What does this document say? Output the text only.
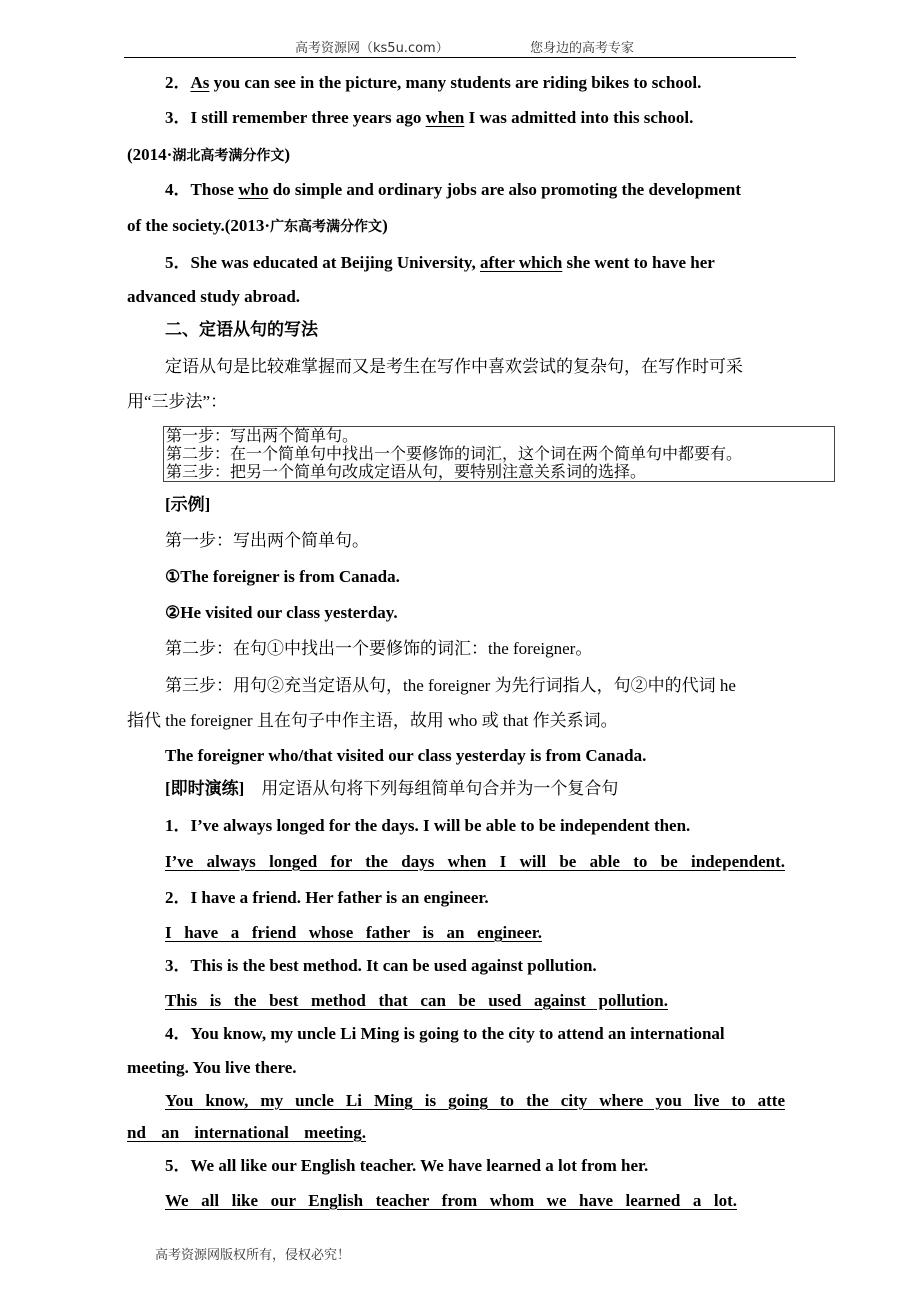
高考资源网（ks5u.com）	您身边的高考专家
2．As you can see in the picture, many students are riding bikes to school.
3．I still remember three years ago when I was admitted into this school.
(2014·湖北高考满分作文)
4．Those who do simple and ordinary jobs are also promoting the development
of the society.(2013·广东高考满分作文)
5．She was educated at Beijing University, after which she went to have her
advanced study abroad.
二、定语从句的写法
定语从句是比较难掌握而又是考生在写作中喜欢尝试的复杂句，在写作时可采
用“三步法”：
第一步：写出两个简单句。
第二步：在一个简单句中找出一个要修饰的词汇，这个词在两个简单句中都要有。
第三步：把另一个简单句改成定语从句，要特别注意关系词的选择。
[示例]
第一步：写出两个简单句。
①The foreigner is from Canada.
②He visited our class yesterday.
第二步：在句①中找出一个要修饰的词汇：the foreigner。
第三步：用句②充当定语从句，the foreigner 为先行词指人，句②中的代词 he
指代 the foreigner 且在句子中作主语，故用 who 或 that 作关系词。
The foreigner who/that visited our class yesterday is from Canada.
[即时演练]　用定语从句将下列每组简单句合并为一个复合句
1．I’ve always longed for the days. I will be able to be independent then.
I’ve always longed for the days when I will be able to be independent.
2．I have a friend. Her father is an engineer.
I have a friend whose father is an engineer.
3．This is the best method. It can be used against pollution.
This is the best method that can be used against pollution.
4．You know, my uncle Li Ming is going to the city to attend an international
meeting. You live there.
You know, my uncle Li Ming is going to the city where you live to atte
nd an international meeting.
5．We all like our English teacher. We have learned a lot from her.
We all like our English teacher from whom we have learned a lot.
高考资源网版权所有，侵权必究！
